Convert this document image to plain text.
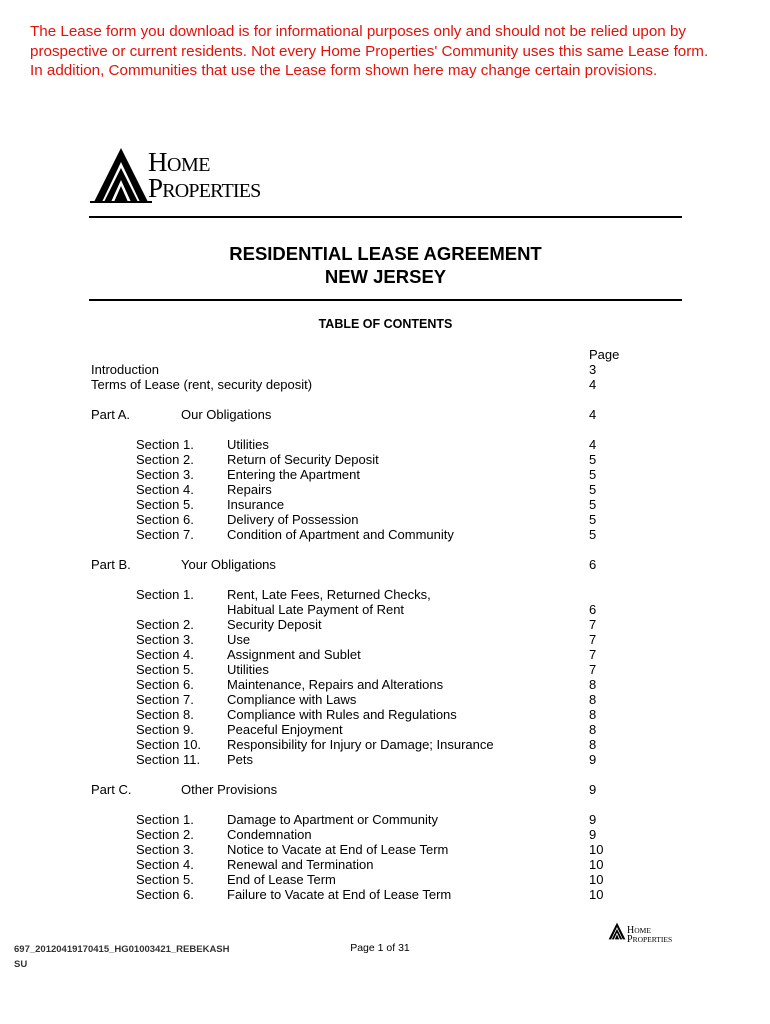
The Lease form you download is for informational purposes only and should not be relied upon by
prospective or current residents. Not every Home Properties' Community uses this same Lease form.
In addition, Communities that use the Lease form shown here may change certain provisions.
HOME
PROPERTIES
RESIDENTIAL LEASE AGREEMENT
NEW JERSEY
TABLE OF CONTENTS
Page
Introduction	3
Terms of Lease (rent, security deposit)	4
Part A.	Our Obligations	4
Section 1.	Utilities	4
Section 2.	Return of Security Deposit	5
Section 3.	Entering the Apartment	5
Section 4.	Repairs	5
Section 5.	Insurance	5
Section 6.	Delivery of Possession	5
Section 7.	Condition of Apartment and Community	5
Part B.	Your Obligations	6
Section 1.	Rent, Late Fees, Returned Checks,
Habitual Late Payment of Rent	6
Section 2.	Security Deposit	7
Section 3.	Use	7
Section 4.	Assignment and Sublet	7
Section 5.	Utilities	7
Section 6.	Maintenance, Repairs and Alterations	8
Section 7.	Compliance with Laws	8
Section 8.	Compliance with Rules and Regulations	8
Section 9.	Peaceful Enjoyment	8
Section 10. Responsibility for Injury or Damage; Insurance	8
Section 11. Pets	9
Part C.	Other Provisions	9
Section 1.	Damage to Apartment or Community	9
Section 2.	Condemnation	9
Section 3.	Notice to Vacate at End of Lease Term	10
Section 4.	Renewal and Termination	10
Section 5.	End of Lease Term	10
Section 6.	Failure to Vacate at End of Lease Term	10
HOME
PROPERTIES
697_20120419170415_HG01003421_REBEKASH
SU
Page 1 of 31
